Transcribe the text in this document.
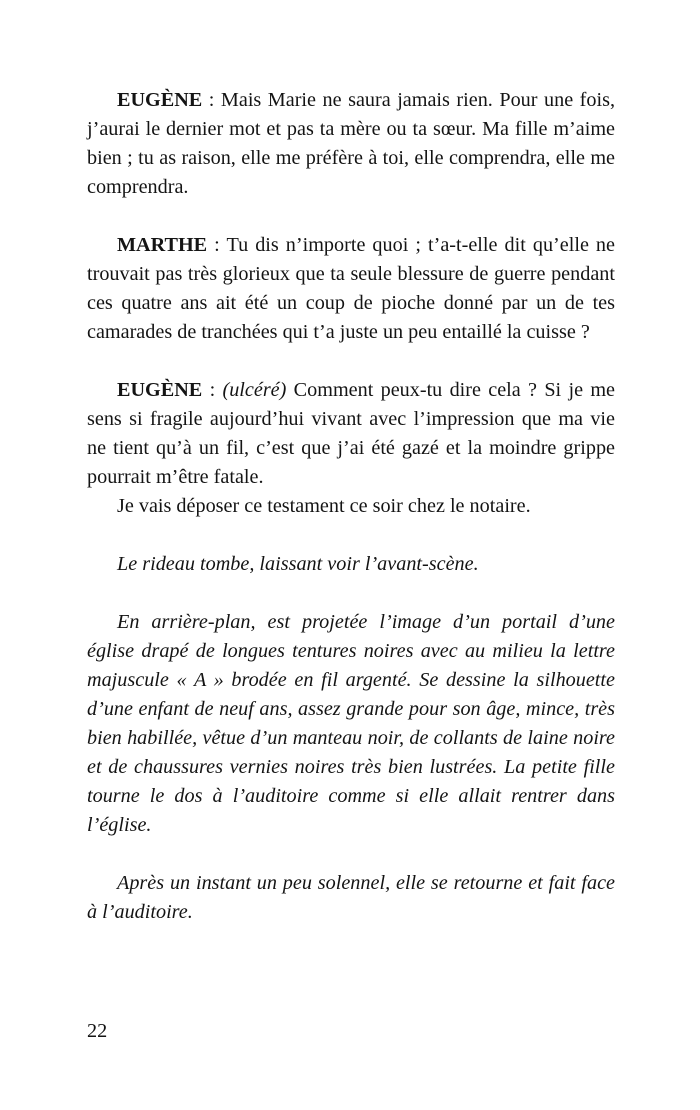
EUGÈNE : Mais Marie ne saura jamais rien. Pour une fois, j’aurai le dernier mot et pas ta mère ou ta sœur. Ma fille m’aime bien ; tu as raison, elle me préfère à toi, elle comprendra, elle me comprendra.

MARTHE : Tu dis n’importe quoi ; t’a-t-elle dit qu’elle ne trouvait pas très glorieux que ta seule blessure de guerre pendant ces quatre ans ait été un coup de pioche donné par un de tes camarades de tranchées qui t’a juste un peu entaillé la cuisse ?

EUGÈNE : (ulcéré) Comment peux-tu dire cela ? Si je me sens si fragile aujourd’hui vivant avec l’impression que ma vie ne tient qu’à un fil, c’est que j’ai été gazé et la moindre grippe pourrait m’être fatale.

Je vais déposer ce testament ce soir chez le notaire.

Le rideau tombe, laissant voir l’avant-scène.

En arrière-plan, est projetée l’image d’un portail d’une église drapé de longues tentures noires avec au milieu la lettre majuscule « A » brodée en fil argenté. Se dessine la silhouette d’une enfant de neuf ans, assez grande pour son âge, mince, très bien habillée, vêtue d’un manteau noir, de collants de laine noire et de chaussures vernies noires très bien lustrées. La petite fille tourne le dos à l’auditoire comme si elle allait rentrer dans l’église.

Après un instant un peu solennel, elle se retourne et fait face à l’auditoire.

22
